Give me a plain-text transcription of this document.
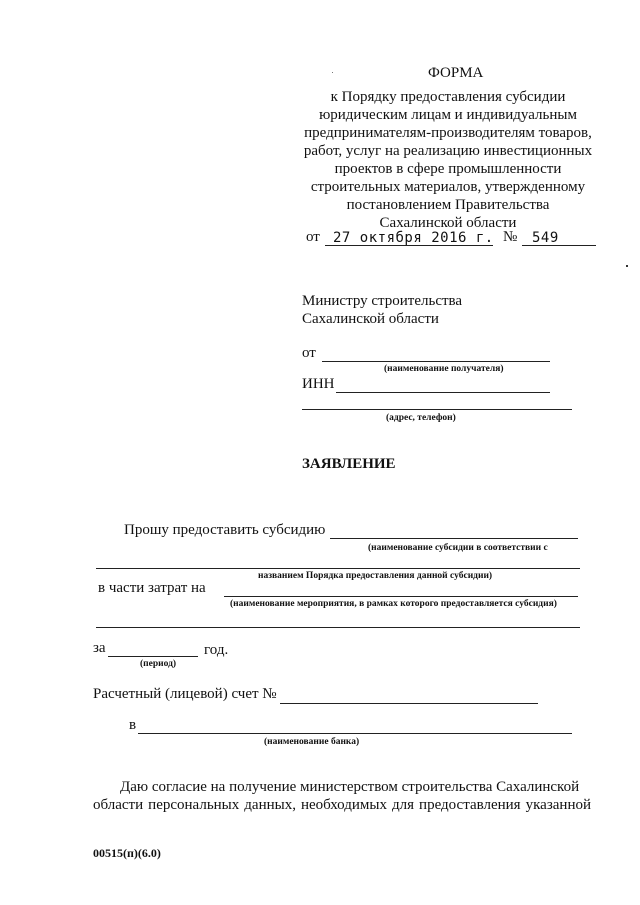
ФОРМА
к Порядку предоставления субсидии
юридическим лицам и индивидуальным
предпринимателям-производителям товаров,
работ, услуг на реализацию инвестиционных
проектов в сфере промышленности
строительных материалов, утвержденному
постановлением Правительства
Сахалинской области
от 27 октября 2016 г. № 549
Министру строительства
Сахалинской области
от
(наименование получателя)
ИНН
(адрес, телефон)
ЗАЯВЛЕНИЕ
Прошу предоставить субсидию
(наименование субсидии в соответствии с
названием Порядка предоставления данной субсидии)
в части затрат на
(наименование мероприятия, в рамках которого предоставляется субсидия)
за	год.
(период)
Расчетный (лицевой) счет №
в
(наименование банка)
Даю согласие на получение министерством строительства Сахалинской
области персональных данных, необходимых для предоставления указанной
00515(п)(6.0)
